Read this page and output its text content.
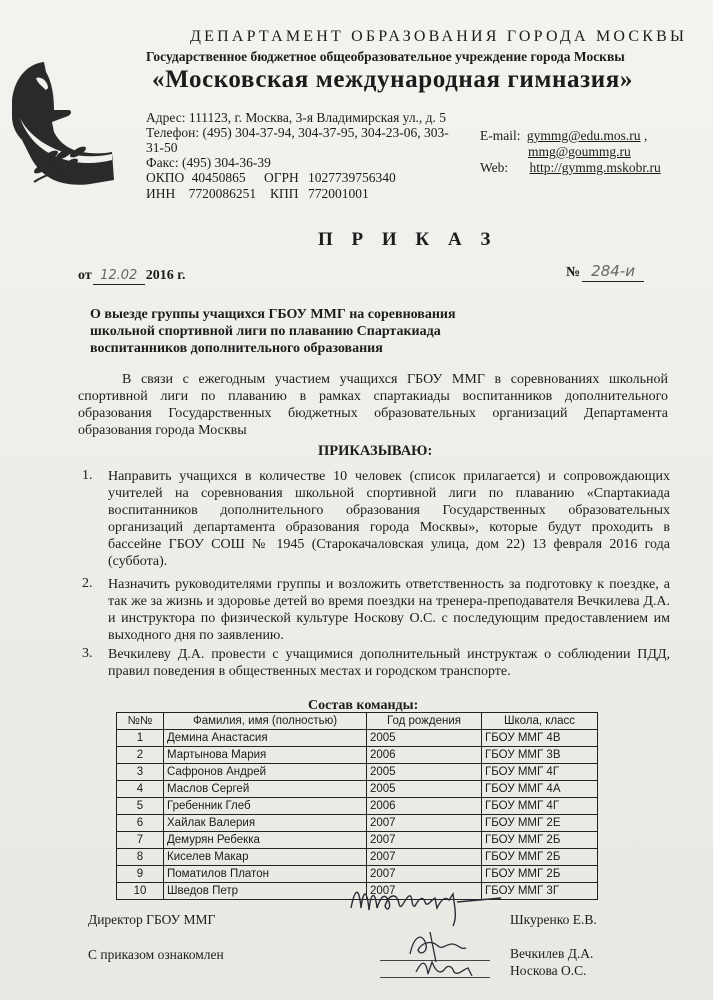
ДЕПАРТАМЕНТ ОБРАЗОВАНИЯ ГОРОДА МОСКВЫ
Государственное бюджетное общеобразовательное учреждение города Москвы
«Московская международная гимназия»
Адрес: 111123, г. Москва, 3-я Владимирская ул., д. 5
Телефон: (495) 304-37-94, 304-37-95, 304-23-06, 303-
31-50
Факс: (495) 304-36-39
ОКПО 40450865 ОГРН 1027739756340
ИНН 7720086251 КПП 772001001
E-mail: gymmg@edu.mos.ru ,
mmg@goummg.ru
Web: http://gymmg.mskobr.ru
П Р И К А З
от 12.02 2016 г.	№ 284-и
О выезде группы учащихся ГБОУ ММГ на соревнования школьной спортивной лиги по плаванию Спартакиада воспитанников дополнительного образования
В связи с ежегодным участием учащихся ГБОУ ММГ в соревнованиях школьной
спортивной лиги по плаванию в рамках спартакиады воспитанников дополнительного
образования Государственных бюджетных образовательных организаций Департамента
образования города Москвы
ПРИКАЗЫВАЮ:
1. Направить учащихся в количестве 10 человек (список прилагается) и сопровождающих учителей на соревнования школьной спортивной лиги по плаванию «Спартакиада воспитанников дополнительного образования Государственных образовательных организаций департамента образования города Москвы», которые будут проходить в бассейне ГБОУ СОШ № 1945 (Старокачаловская улица, дом 22) 13 февраля 2016 года (суббота).
2. Назначить руководителями группы и возложить ответственность за подготовку к поездке, а так же за жизнь и здоровье детей во время поездки на тренера-преподавателя Вечкилева Д.А. и инструктора по физической культуре Носкову О.С. с последующим предоставлением им выходного дня по заявлению.
3. Вечкилеву Д.А. провести с учащимися дополнительный инструктаж о соблюдении ПДД, правил поведения в общественных местах и городском транспорте.
Состав команды:
№№	Фамилия, имя (полностью)	Год рождения	Школа, класс
1	Демина Анастасия	2005	ГБОУ ММГ 4В
2	Мартынова Мария	2006	ГБОУ ММГ 3В
3	Сафронов Андрей	2005	ГБОУ ММГ 4Г
4	Маслов Сергей	2005	ГБОУ ММГ 4А
5	Гребенник Глеб	2006	ГБОУ ММГ 4Г
6	Хайлак Валерия	2007	ГБОУ ММГ 2Е
7	Демурян Ребекка	2007	ГБОУ ММГ 2Б
8	Киселев Макар	2007	ГБОУ ММГ 2Б
9	Поматилов Платон	2007	ГБОУ ММГ 2Б
10	Шведов Петр	2007	ГБОУ ММГ 3Г
Директор ГБОУ ММГ	Шкуренко Е.В.
С приказом ознакомлен	Вечкилев Д.А.
Носкова О.С.
